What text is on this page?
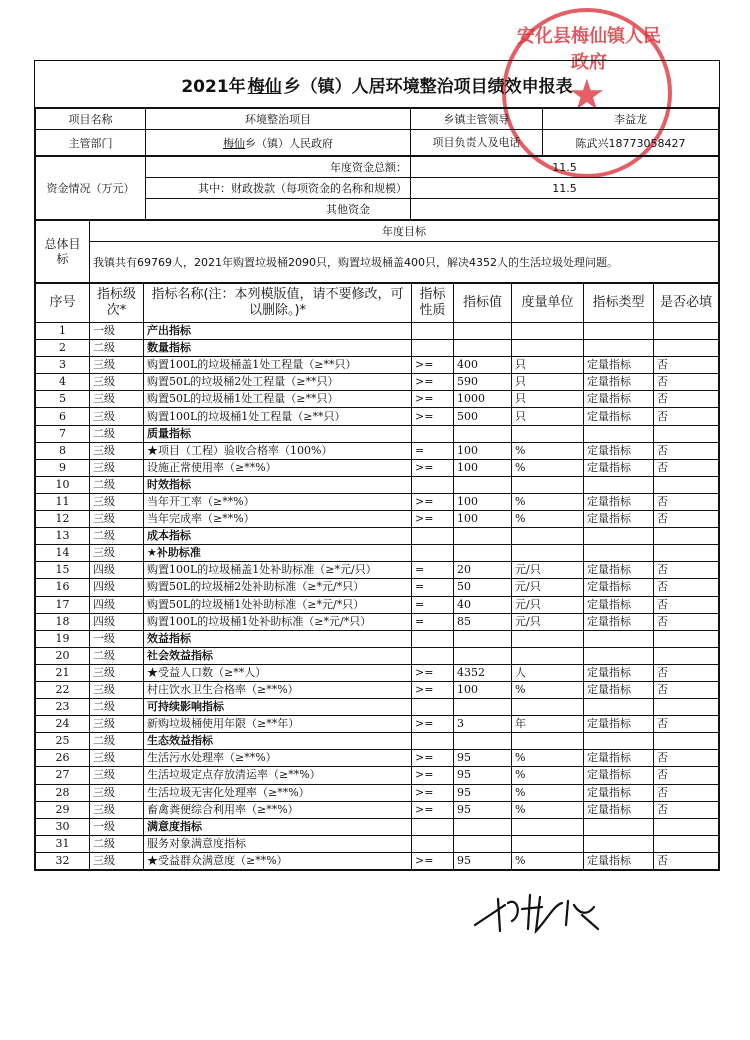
安化县梅仙镇人民政府
★
2021年 梅仙 乡（镇）人居环境整治项目绩效申报表
项目名称	环境整治项目	乡镇主管领导	李益龙
主管部门	梅仙乡（镇）人民政府	项目负责人及电话	陈武兴18773058427
资金情况（万元）	年度资金总额：	11.5
	其中：财政拨款（每项资金的名称和规模）	11.5
	其他资金	
总体目标	年度目标
我镇共有69769人，2021年购置垃圾桶2090只，购置垃圾桶盖400只，解决4352人的生活垃圾处理问题。
序号	指标级次*	指标名称(注：本列模版值，请不要修改，可以删除。)*	指标性质	指标值	度量单位	指标类型	是否必填
1	一级	产出指标					
2	二级	数量指标					
3	三级	购置100L的垃圾桶盖1处工程量（≥**只）	>=	400	只	定量指标	否
4	三级	购置50L的垃圾桶2处工程量（≥**只）	>=	590	只	定量指标	否
5	三级	购置50L的垃圾桶1处工程量（≥**只）	>=	1000	只	定量指标	否
6	三级	购置100L的垃圾桶1处工程量（≥**只）	>=	500	只	定量指标	否
7	二级	质量指标					
8	三级	★项目（工程）验收合格率（100%）	=	100	%	定量指标	否
9	三级	设施正常使用率（≥**%）	>=	100	%	定量指标	否
10	二级	时效指标					
11	三级	当年开工率（≥**%）	>=	100	%	定量指标	否
12	三级	当年完成率（≥**%）	>=	100	%	定量指标	否
13	二级	成本指标					
14	三级	★补助标准					
15	四级	购置100L的垃圾桶盖1处补助标准（≥*元/只）	=	20	元/只	定量指标	否
16	四级	购置50L的垃圾桶2处补助标准（≥*元/*只）	=	50	元/只	定量指标	否
17	四级	购置50L的垃圾桶1处补助标准（≥*元/*只）	=	40	元/只	定量指标	否
18	四级	购置100L的垃圾桶1处补助标准（≥*元/*只）	=	85	元/只	定量指标	否
19	一级	效益指标					
20	二级	社会效益指标					
21	三级	★受益人口数（≥**人）	>=	4352	人	定量指标	否
22	三级	村庄饮水卫生合格率（≥**%）	>=	100	%	定量指标	否
23	二级	可持续影响指标					
24	三级	新购垃圾桶使用年限（≥**年）	>=	3	年	定量指标	否
25	二级	生态效益指标					
26	三级	生活污水处理率（≥**%）	>=	95	%	定量指标	否
27	三级	生活垃圾定点存放清运率（≥**%）	>=	95	%	定量指标	否
28	三级	生活垃圾无害化处理率（≥**%）	>=	95	%	定量指标	否
29	三级	畜禽粪便综合利用率（≥**%）	>=	95	%	定量指标	否
30	一级	满意度指标					
31	二级	服务对象满意度指标					
32	三级	★受益群众满意度（≥**%）	>=	95	%	定量指标	否
